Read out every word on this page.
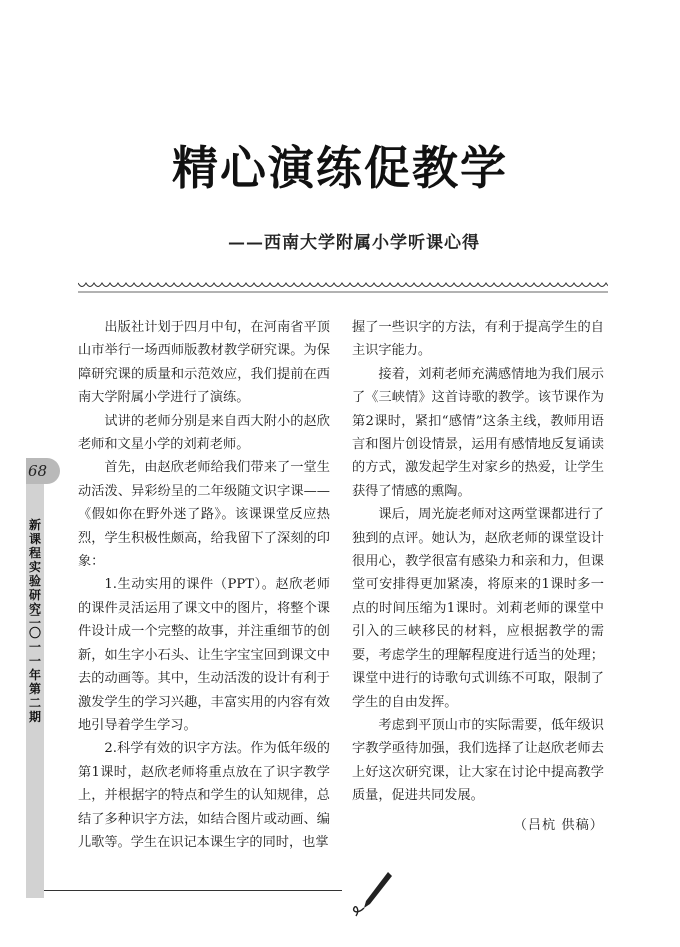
精心演练促教学
——西南大学附属小学听课心得
68
新
课
程
实
验
研
究
二
〇
一
一
年
第
二
期

出版社计划于四月中旬，在河南省平顶山市举行一场西师版教材教学研究课。为保障研究课的质量和示范效应，我们提前在西南大学附属小学进行了演练。

试讲的老师分别是来自西大附小的赵欣老师和文星小学的刘莉老师。

首先，由赵欣老师给我们带来了一堂生动活泼、异彩纷呈的二年级随文识字课——《假如你在野外迷了路》。该课课堂反应热烈，学生积极性颇高，给我留下了深刻的印象：

1.生动实用的课件（PPT）。赵欣老师的课件灵活运用了课文中的图片，将整个课件设计成一个完整的故事，并注重细节的创新，如生字小石头、让生字宝宝回到课文中去的动画等。其中，生动活泼的设计有利于激发学生的学习兴趣，丰富实用的内容有效地引导着学生学习。

2.科学有效的识字方法。作为低年级的第1课时，赵欣老师将重点放在了识字教学上，并根据字的特点和学生的认知规律，总结了多种识字方法，如结合图片或动画、编儿歌等。学生在识记本课生字的同时，也掌

握了一些识字的方法，有利于提高学生的自主识字能力。

接着，刘莉老师充满感情地为我们展示了《三峡情》这首诗歌的教学。该节课作为第2课时，紧扣“感情”这条主线，教师用语言和图片创设情景，运用有感情地反复诵读的方式，激发起学生对家乡的热爱，让学生获得了情感的熏陶。

课后，周光旋老师对这两堂课都进行了独到的点评。她认为，赵欣老师的课堂设计很用心，教学很富有感染力和亲和力，但课堂可安排得更加紧凑，将原来的1课时多一点的时间压缩为1课时。刘莉老师的课堂中引入的三峡移民的材料，应根据教学的需要，考虑学生的理解程度进行适当的处理；课堂中进行的诗歌句式训练不可取，限制了学生的自由发挥。

考虑到平顶山市的实际需要，低年级识字教学亟待加强，我们选择了让赵欣老师去上好这次研究课，让大家在讨论中提高教学质量，促进共同发展。

（吕杭 供稿）
